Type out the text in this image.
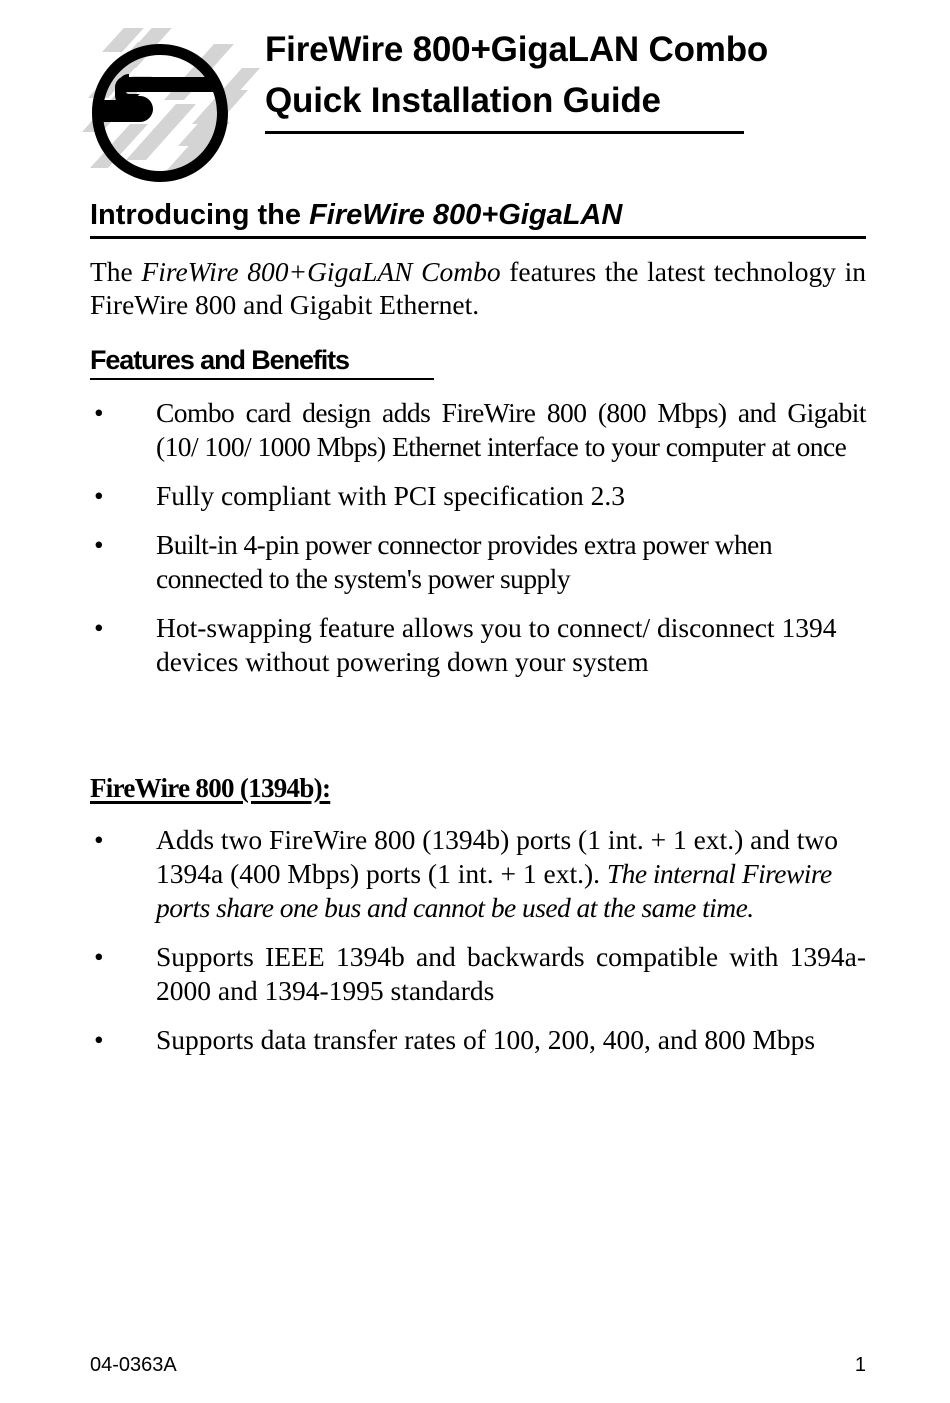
FireWire 800+GigaLAN Combo
Quick Installation Guide
Introducing the FireWire 800+GigaLAN
The FireWire 800+GigaLAN Combo features the latest technology in FireWire 800 and Gigabit Ethernet.
Features and Benefits
• Combo card design adds FireWire 800 (800 Mbps) and Gigabit (10/ 100/ 1000 Mbps) Ethernet interface to your computer at once
• Fully compliant with PCI specification 2.3
• Built-in 4-pin power connector provides extra power when connected to the system's power supply
• Hot-swapping feature allows you to connect/ disconnect 1394 devices without powering down your system
FireWire 800 (1394b):
• Adds two FireWire 800 (1394b) ports (1 int. + 1 ext.) and two 1394a (400 Mbps) ports (1 int. + 1 ext.). The internal Firewire ports share one bus and cannot be used at the same time.
• Supports IEEE 1394b and backwards compatible with 1394a-2000 and 1394-1995 standards
• Supports data transfer rates of 100, 200, 400, and 800 Mbps
04-0363A	1
